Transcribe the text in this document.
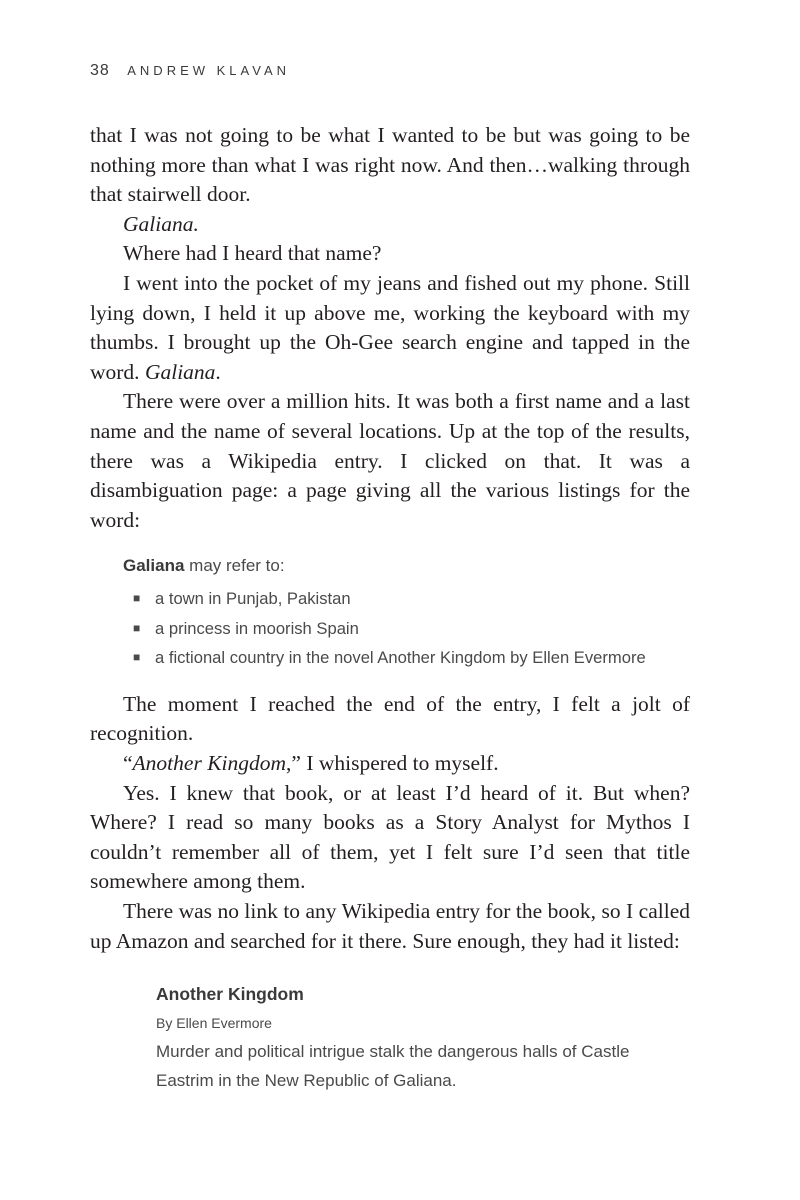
38 ANDREW KLAVAN

that I was not going to be what I wanted to be but was going to be nothing more than what I was right now. And then…walking through that stairwell door.

Galiana.

Where had I heard that name?

I went into the pocket of my jeans and fished out my phone. Still lying down, I held it up above me, working the keyboard with my thumbs. I brought up the Oh-Gee search engine and tapped in the word. Galiana.

There were over a million hits. It was both a first name and a last name and the name of several locations. Up at the top of the results, there was a Wikipedia entry. I clicked on that. It was a disambiguation page: a page giving all the various listings for the word:

Galiana may refer to:
■ a town in Punjab, Pakistan
■ a princess in moorish Spain
■ a fictional country in the novel Another Kingdom by Ellen Evermore

The moment I reached the end of the entry, I felt a jolt of recognition.

“Another Kingdom,” I whispered to myself.

Yes. I knew that book, or at least I’d heard of it. But when? Where? I read so many books as a Story Analyst for Mythos I couldn’t remember all of them, yet I felt sure I’d seen that title somewhere among them.

There was no link to any Wikipedia entry for the book, so I called up Amazon and searched for it there. Sure enough, they had it listed:

Another Kingdom
By Ellen Evermore
Murder and political intrigue stalk the dangerous halls of Castle Eastrim in the New Republic of Galiana.
